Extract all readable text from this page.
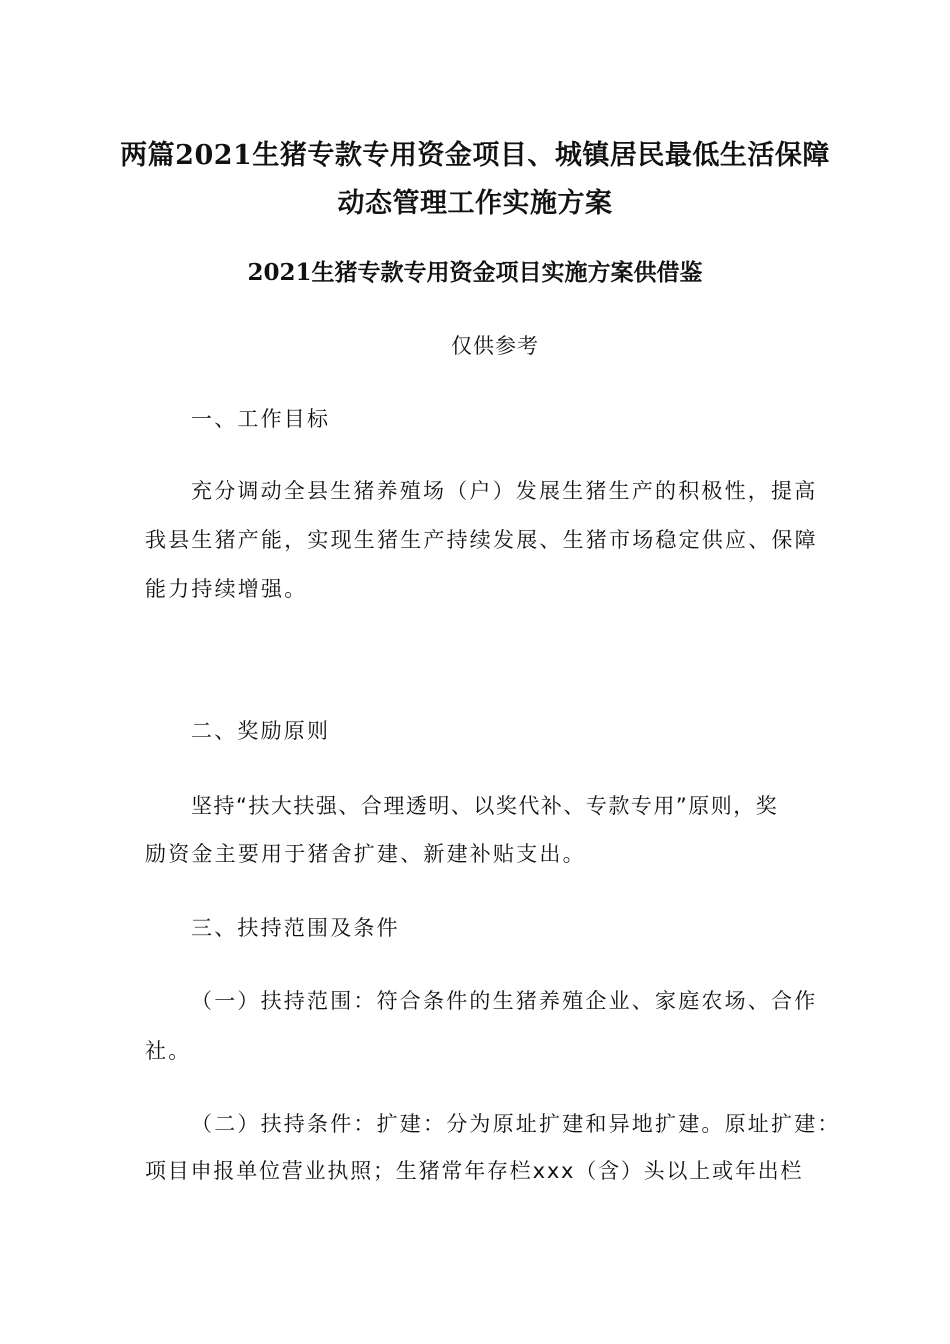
两篇2021生猪专款专用资金项目、城镇居民最低生活保障
动态管理工作实施方案
2021生猪专款专用资金项目实施方案供借鉴
仅供参考
一、工作目标
充分调动全县生猪养殖场（户）发展生猪生产的积极性，提高
我县生猪产能，实现生猪生产持续发展、生猪市场稳定供应、保障
能力持续增强。
二、奖励原则
坚持“扶大扶强、合理透明、以奖代补、专款专用”原则，奖
励资金主要用于猪舍扩建、新建补贴支出。
三、扶持范围及条件
（一）扶持范围：符合条件的生猪养殖企业、家庭农场、合作
社。
（二）扶持条件：扩建：分为原址扩建和异地扩建。原址扩建：
项目申报单位营业执照；生猪常年存栏xxx（含）头以上或年出栏
